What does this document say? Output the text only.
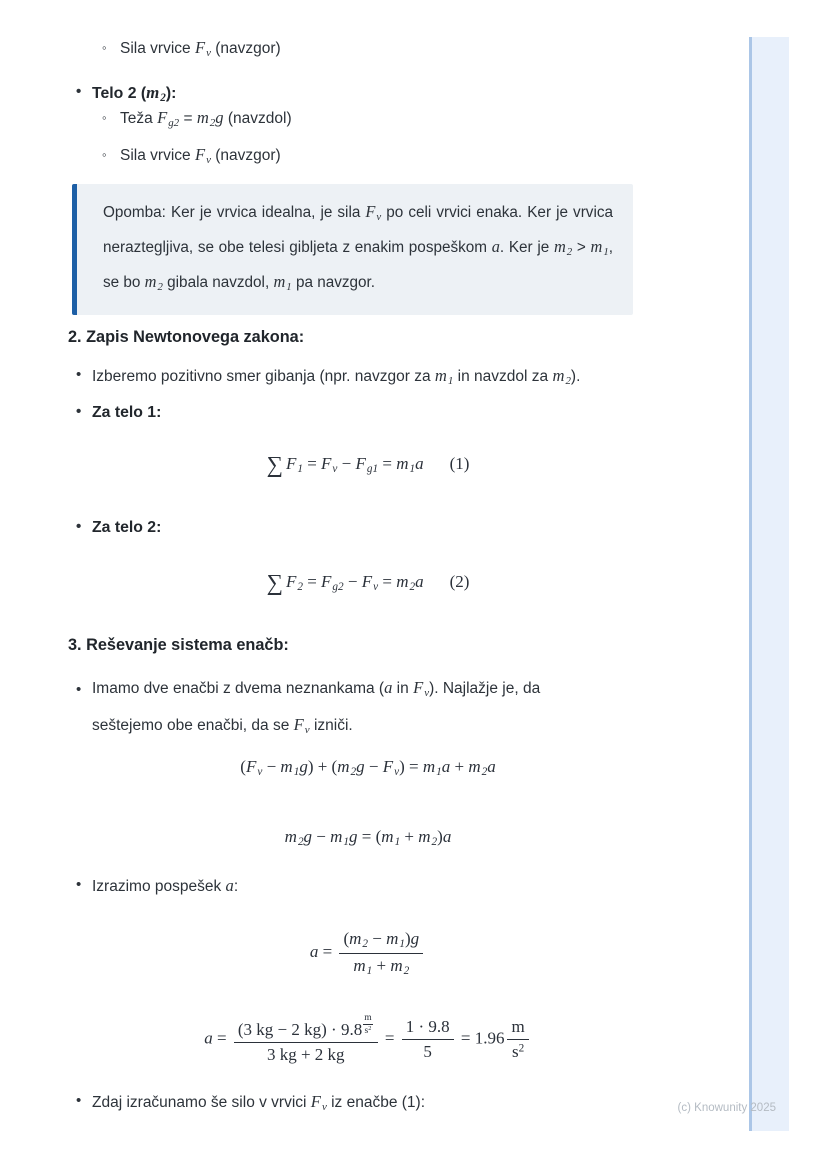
◦ Sila vrvice Fv (navzgor)
• Telo 2 (m2):
◦ Teža Fg2 = m2g (navzdol)
◦ Sila vrvice Fv (navzgor)
Opomba: Ker je vrvica idealna, je sila Fv po celi vrvici enaka. Ker je vrvica neraztegljiva, se obe telesi gibljeta z enakim pospeškom a. Ker je m2 > m1, se bo m2 gibala navzdol, m1 pa navzgor.
2. Zapis Newtonovega zakona:
• Izberemo pozitivno smer gibanja (npr. navzgor za m1 in navzdol za m2).
• Za telo 1:
∑ F1 = Fv − Fg1 = m1a (1)
• Za telo 2:
∑ F2 = Fg2 − Fv = m2a (2)
3. Reševanje sistema enačb:
• Imamo dve enačbi z dvema neznankama (a in Fv). Najlažje je, da
seštejemo obe enačbi, da se Fv izniči.
(Fv − m1g) + (m2g − Fv) = m1a + m2a
m2g − m1g = (m1 + m2)a
• Izrazimo pospešek a:
$a = \frac{(m2 - m1)g}{m1 + m2}$
$a = \frac{(3 kg - 2 kg) \cdot 9.8 \frac{m}{s^2}}{3 kg + 2 kg} = \frac{1 \cdot 9.8}{5} = 1.96 \frac{m}{s^2}$
• Zdaj izračunamo še silo v vrvici Fv iz enačbe (1):	(c) Knowunity 2025
